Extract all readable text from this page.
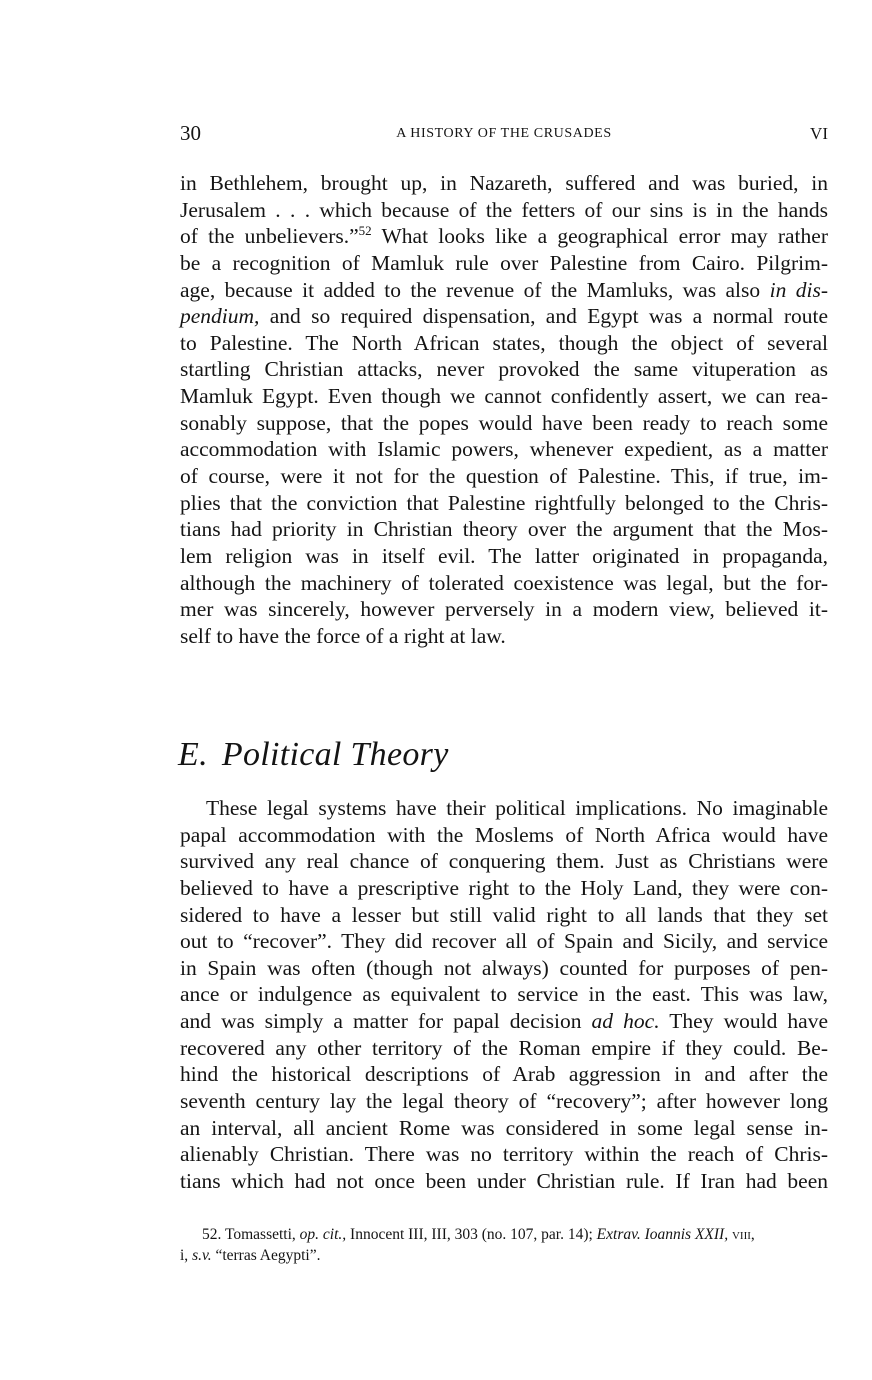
30	A HISTORY OF THE CRUSADES	VI
in Bethlehem, brought up, in Nazareth, suffered and was buried, in
Jerusalem . . . which because of the fetters of our sins is in the hands
of the unbelievers.”$^{52}$ What looks like a geographical error may rather
be a recognition of Mamluk rule over Palestine from Cairo. Pilgrim-
age, because it added to the revenue of the Mamluks, was also in dis-
pendium, and so required dispensation, and Egypt was a normal route
to Palestine. The North African states, though the object of several
startling Christian attacks, never provoked the same vituperation as
Mamluk Egypt. Even though we cannot confidently assert, we can rea-
sonably suppose, that the popes would have been ready to reach some
accommodation with Islamic powers, whenever expedient, as a matter
of course, were it not for the question of Palestine. This, if true, im-
plies that the conviction that Palestine rightfully belonged to the Chris-
tians had priority in Christian theory over the argument that the Mos-
lem religion was in itself evil. The latter originated in propaganda,
although the machinery of tolerated coexistence was legal, but the for-
mer was sincerely, however perversely in a modern view, believed it-
self to have the force of a right at law.
E. Political Theory
These legal systems have their political implications. No imaginable
papal accommodation with the Moslems of North Africa would have
survived any real chance of conquering them. Just as Christians were
believed to have a prescriptive right to the Holy Land, they were con-
sidered to have a lesser but still valid right to all lands that they set
out to “recover”. They did recover all of Spain and Sicily, and service
in Spain was often (though not always) counted for purposes of pen-
ance or indulgence as equivalent to service in the east. This was law,
and was simply a matter for papal decision ad hoc. They would have
recovered any other territory of the Roman empire if they could. Be-
hind the historical descriptions of Arab aggression in and after the
seventh century lay the legal theory of “recovery”; after however long
an interval, all ancient Rome was considered in some legal sense in-
alienably Christian. There was no territory within the reach of Chris-
tians which had not once been under Christian rule. If Iran had been
52. Tomassetti, op. cit., Innocent III, III, 303 (no. 107, par. 14); Extrav. Ioannis XXII, viii,
i, s.v. “terras Aegypti”.
